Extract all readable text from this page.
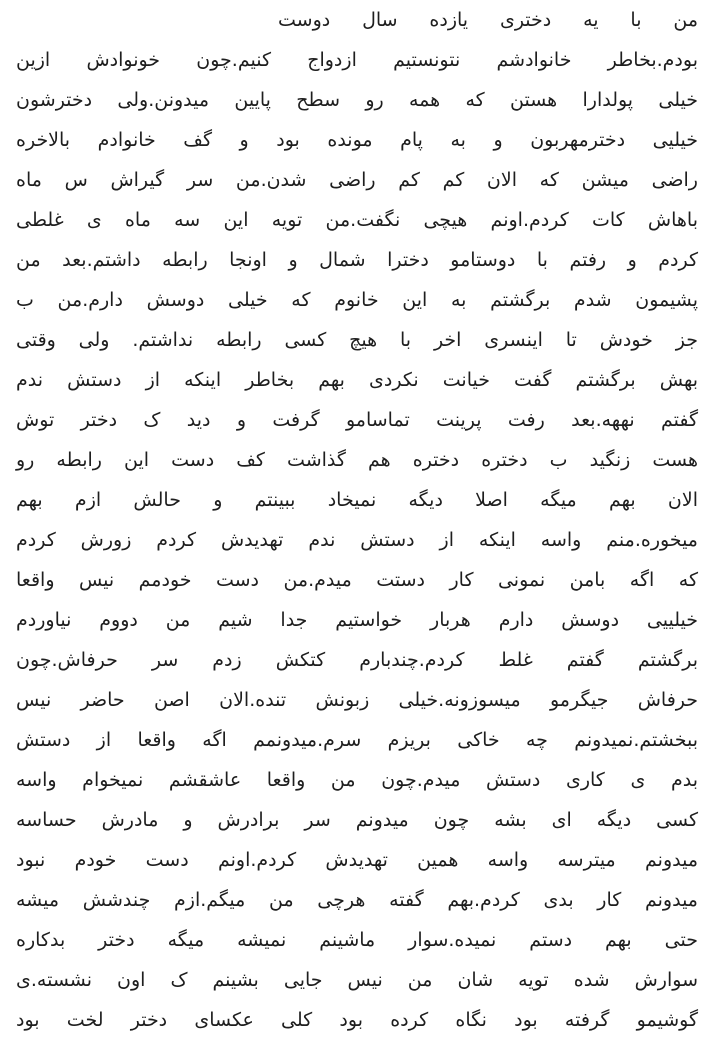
من با یه دختری یازده سال دوست
بودم.بخاطر خانوادشم نتونستیم ازدواج کنیم.چون خونوادش ازین
خیلی پولدارا هستن که همه رو سطح پایین میدونن.ولی دخترشون
خیلیی دخترمهربون و به پام مونده بود و گف خانوادم بالاخره
راضی میشن که الان کم کم راضی شدن.من سر گیراش س ماه
باهاش کات کردم.اونم هیچی نگفت.من تویه این سه ماه ی غلطی
کردم و رفتم با دوستامو دخترا شمال و اونجا رابطه داشتم.بعد من
پشیمون شدم برگشتم به این خانوم که خیلی دوسش دارم.من ب
جز خودش تا اینسری اخر با هیچ کسی رابطه نداشتم. ولی وقتی
بهش برگشتم گفت خیانت نکردی بهم بخاطر اینکه از دستش ندم
گفتم نههه.بعد رفت پرینت تماسامو گرفت و دید ک دختر توش
هست زنگید ب دختره دختره هم گذاشت کف دست این رابطه رو
الان بهم میگه اصلا دیگه نمیخاد ببینتم و حالش ازم بهم
میخوره.منم واسه اینکه از دستش ندم تهدیدش کردم زورش کردم
که اگه بامن نمونی کار دستت میدم.من دست خودمم نیس واقعا
خیلییی دوسش دارم هربار خواستیم جدا شیم من دووم نیاوردم
برگشتم گفتم غلط کردم.چندبارم کتکش زدم سر حرفاش.چون
حرفاش جیگرمو میسوزونه.خیلی زبونش تنده.الان اصن حاضر نیس
ببخشتم.نمیدونم چه خاکی بریزم سرم.میدونمم اگه واقعا از دستش
بدم ی کاری دستش میدم.چون من واقعا عاشقشم نمیخوام واسه
کسی دیگه ای بشه چون میدونم سر برادرش و مادرش حساسه
میدونم میترسه واسه همین تهدیدش کردم.اونم دست خودم نبود
میدونم کار بدی کردم.بهم گفته هرچی من میگم.ازم چندشش میشه
حتی بهم دستم نمیده.سوار ماشینم نمیشه میگه دختر بدکاره
سوارش شده تویه شان من نیس جایی بشینم ک اون نشسته.ی
گوشیمو گرفته بود نگاه کرده بود کلی عکسای دختر لخت بود
